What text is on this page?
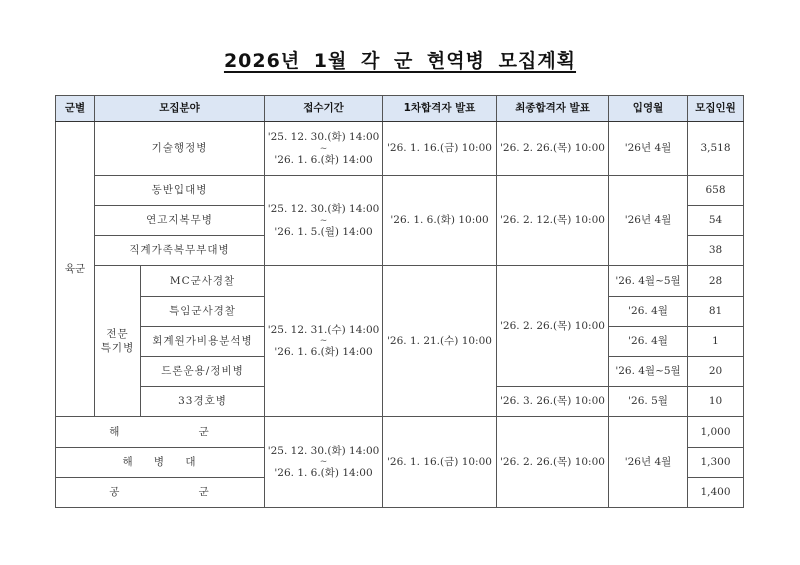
2026년 1월 각 군 현역병 모집계획
군별	모집분야		접수기간	1차합격자 발표	최종합격자 발표	입영월	모집인원
육군	기술행정병		'25. 12. 30.(화) 14:00
~
'26. 1. 6.(화) 14:00	'26. 1. 16.(금) 10:00	'26. 2. 26.(목) 10:00	'26년 4월	3,518
	동반입대병		'25. 12. 30.(화) 14:00
~
'26. 1. 5.(월) 14:00	'26. 1. 6.(화) 10:00	'26. 2. 12.(목) 10:00	'26년 4월	658
	연고지복무병						54
	직계가족복무부대병						38

	전문
특기병	MC군사경찰	'25. 12. 31.(수) 14:00
~
'26. 1. 6.(화) 14:00	'26. 1. 21.(수) 10:00	'26. 2. 26.(목) 10:00	'26. 4월~5월	28
		특임군사경찰				'26. 4월	81
		회계원가비용분석병				'26. 4월	1
		드론운용/정비병				'26. 4월~5월	20
		33경호병			'26. 3. 26.(목) 10:00	'26. 5월	10
해    군			'25. 12. 30.(화) 14:00
~
'26. 1. 6.(화) 14:00	'26. 1. 16.(금) 10:00	'26. 2. 26.(목) 10:00	'26년 4월	1,000
해 병 대							1,300
공    군							1,400
